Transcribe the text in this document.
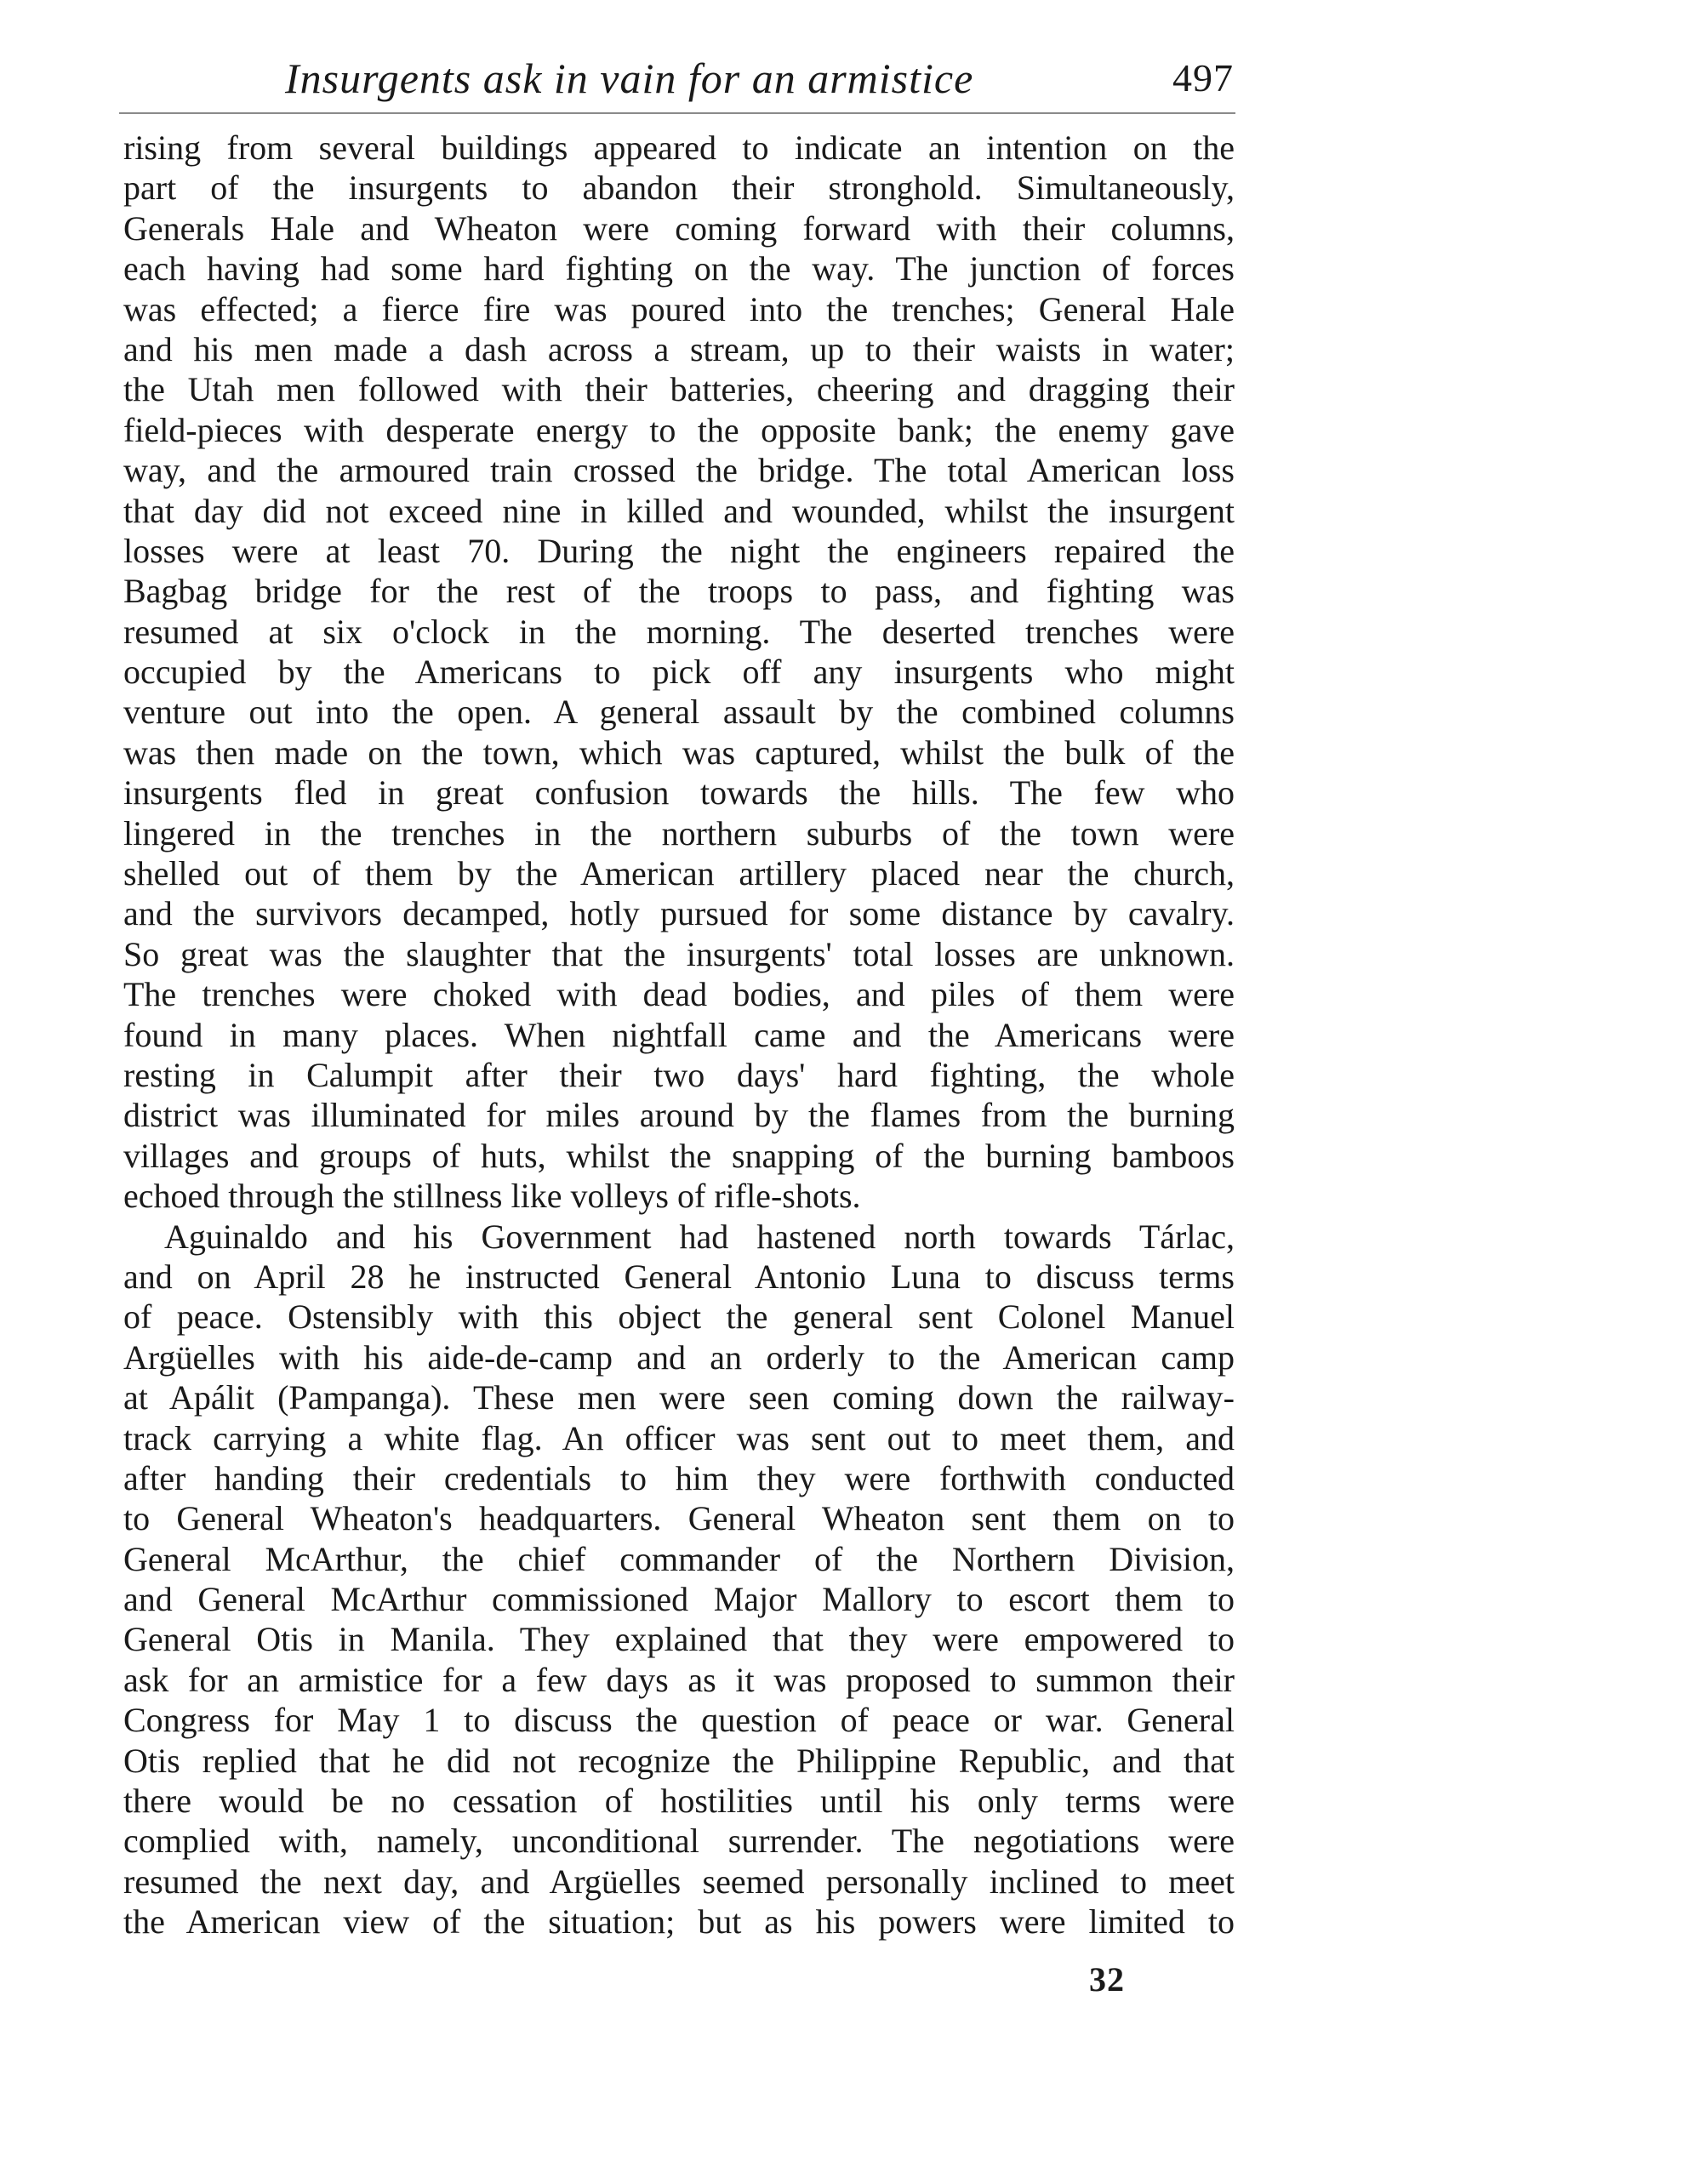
Insurgents ask in vain for an armistice	497
rising from several buildings appeared to indicate an intention on the
part of the insurgents to abandon their stronghold. Simultaneously,
Generals Hale and Wheaton were coming forward with their columns,
each having had some hard fighting on the way. The junction of forces
was effected; a fierce fire was poured into the trenches; General Hale
and his men made a dash across a stream, up to their waists in water;
the Utah men followed with their batteries, cheering and dragging their
field-pieces with desperate energy to the opposite bank; the enemy gave
way, and the armoured train crossed the bridge. The total American loss
that day did not exceed nine in killed and wounded, whilst the insurgent
losses were at least 70. During the night the engineers repaired the
Bagbag bridge for the rest of the troops to pass, and fighting was
resumed at six o'clock in the morning. The deserted trenches were
occupied by the Americans to pick off any insurgents who might
venture out into the open. A general assault by the combined columns
was then made on the town, which was captured, whilst the bulk of the
insurgents fled in great confusion towards the hills. The few who
lingered in the trenches in the northern suburbs of the town were
shelled out of them by the American artillery placed near the church,
and the survivors decamped, hotly pursued for some distance by cavalry.
So great was the slaughter that the insurgents' total losses are unknown.
The trenches were choked with dead bodies, and piles of them were
found in many places. When nightfall came and the Americans were
resting in Calumpit after their two days' hard fighting, the whole
district was illuminated for miles around by the flames from the burning
villages and groups of huts, whilst the snapping of the burning bamboos
echoed through the stillness like volleys of rifle-shots.
Aguinaldo and his Government had hastened north towards Tárlac,
and on April 28 he instructed General Antonio Luna to discuss terms
of peace. Ostensibly with this object the general sent Colonel Manuel
Argüelles with his aide-de-camp and an orderly to the American camp
at Apálit (Pampanga). These men were seen coming down the railway-
track carrying a white flag. An officer was sent out to meet them, and
after handing their credentials to him they were forthwith conducted
to General Wheaton's headquarters. General Wheaton sent them on to
General McArthur, the chief commander of the Northern Division,
and General McArthur commissioned Major Mallory to escort them to
General Otis in Manila. They explained that they were empowered to
ask for an armistice for a few days as it was proposed to summon their
Congress for May 1 to discuss the question of peace or war. General
Otis replied that he did not recognize the Philippine Republic, and that
there would be no cessation of hostilities until his only terms were
complied with, namely, unconditional surrender. The negotiations were
resumed the next day, and Argüelles seemed personally inclined to meet
the American view of the situation; but as his powers were limited to
32
